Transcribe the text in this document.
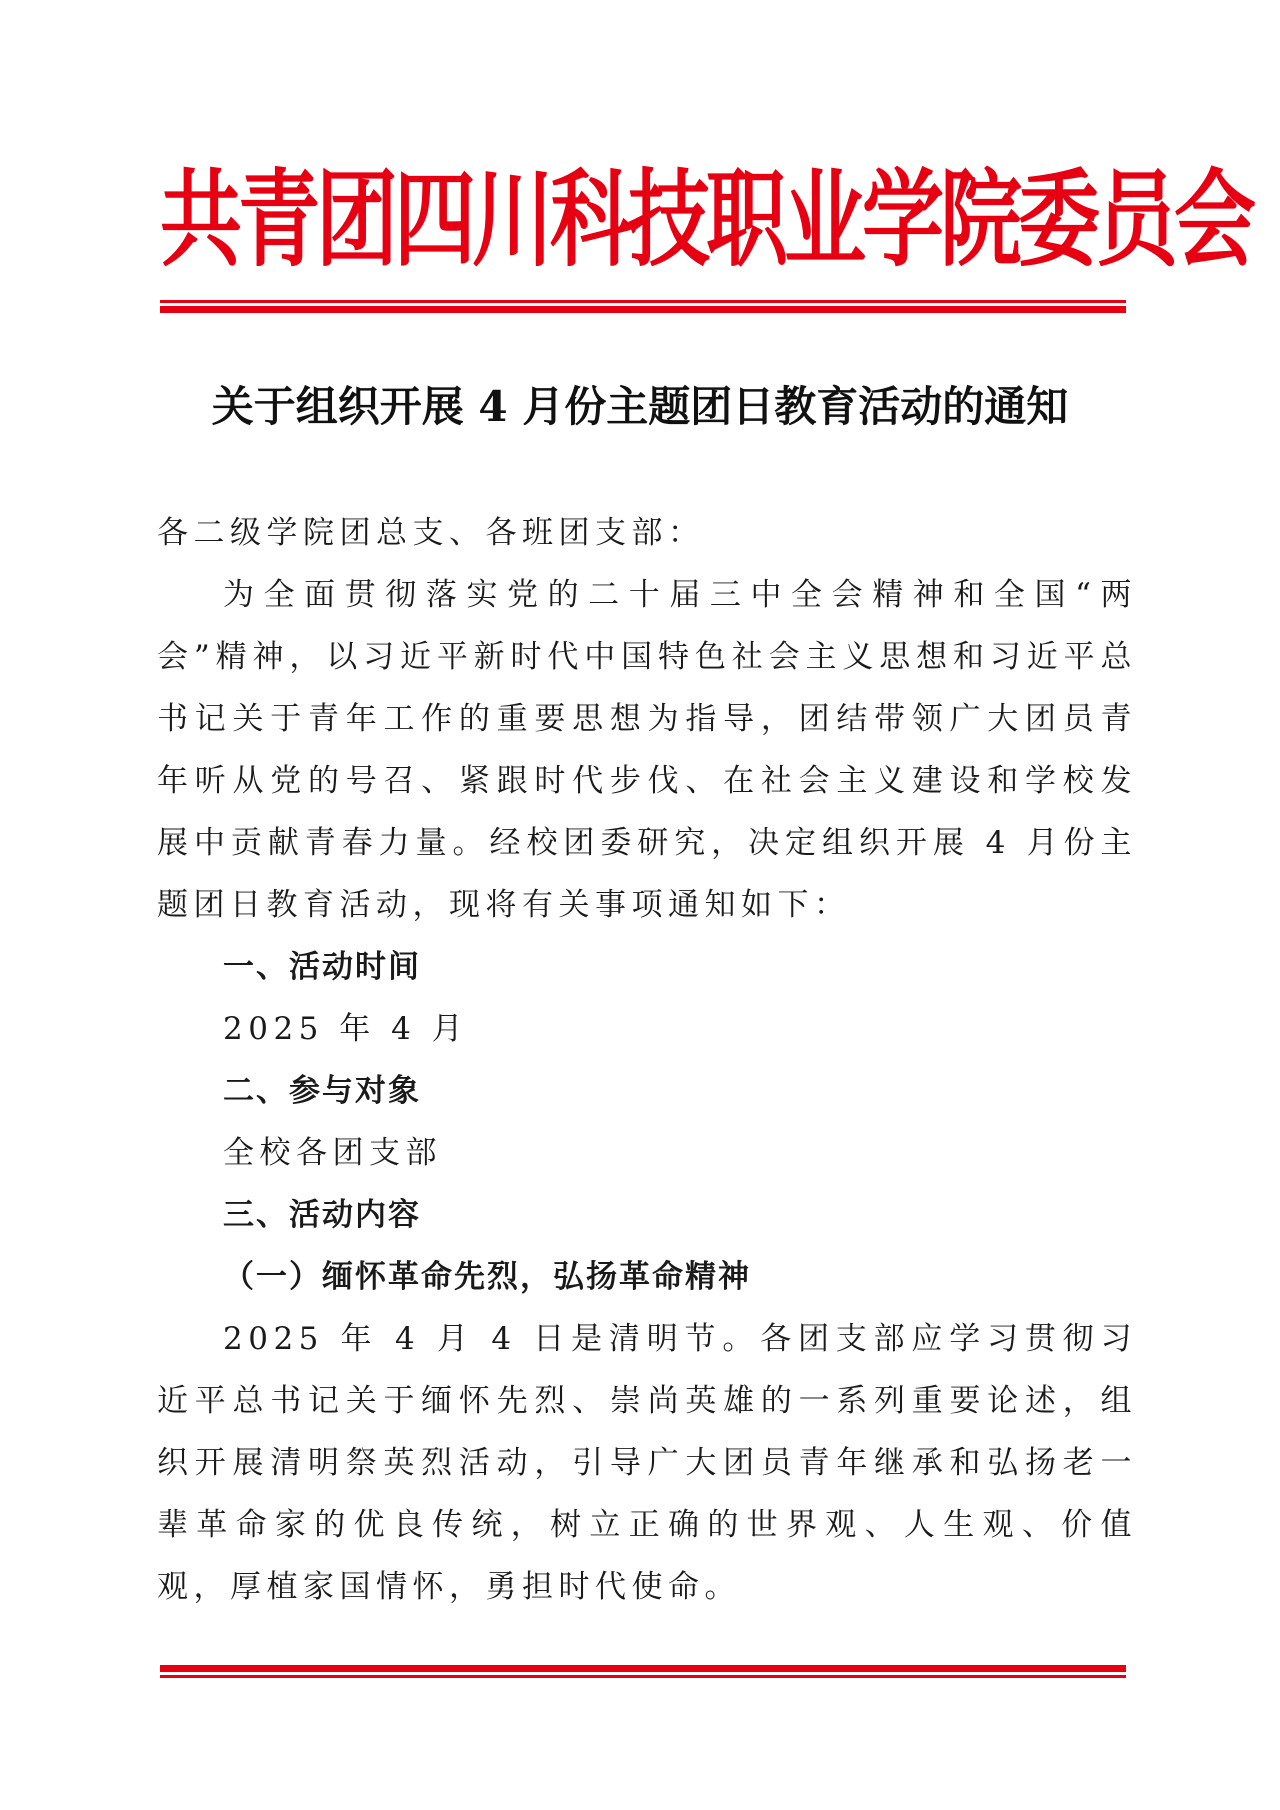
共青团四川科技职业学院委员会
关于组织开展 4 月份主题团日教育活动的通知

各二级学院团总支、各班团支部：

为全面贯彻落实党的二十届三中全会精神和全国“两会”精神，以习近平新时代中国特色社会主义思想和习近平总书记关于青年工作的重要思想为指导，团结带领广大团员青年听从党的号召、紧跟时代步伐、在社会主义建设和学校发展中贡献青春力量。经校团委研究，决定组织开展 4 月份主题团日教育活动，现将有关事项通知如下：

一、活动时间

2025 年 4 月

二、参与对象

全校各团支部

三、活动内容

（一）缅怀革命先烈，弘扬革命精神

2025 年 4 月 4 日是清明节。各团支部应学习贯彻习近平总书记关于缅怀先烈、崇尚英雄的一系列重要论述，组织开展清明祭英烈活动，引导广大团员青年继承和弘扬老一辈革命家的优良传统，树立正确的世界观、人生观、价值观，厚植家国情怀，勇担时代使命。
